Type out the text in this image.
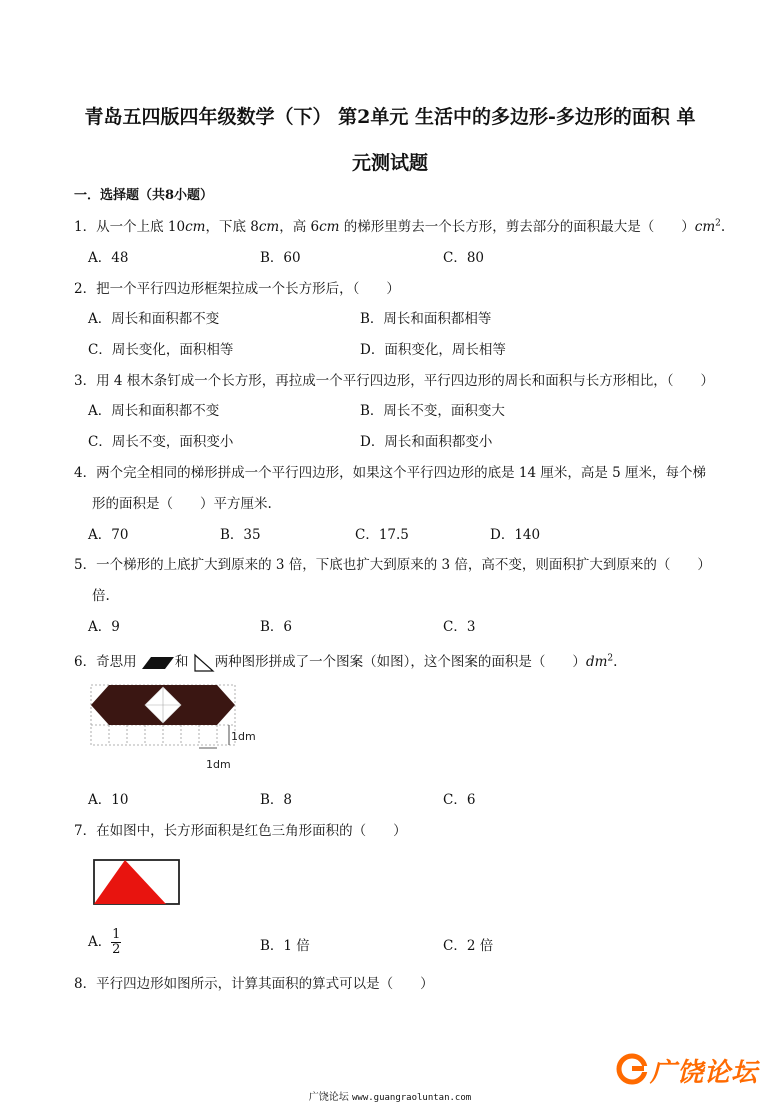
青岛五四版四年级数学（下） 第2单元 生活中的多边形-多边形的面积 单
元测试题
一．选择题（共8小题）
1．从一个上底 10cm，下底 8cm，高 6cm 的梯形里剪去一个长方形，剪去部分的面积最大是（　　）$cm^2$.
A．48	B．60	C．80
2．把一个平行四边形框架拉成一个长方形后，（　　）
A．周长和面积都不变	B．周长和面积都相等
C．周长变化，面积相等	D．面积变化，周长相等
3．用 4 根木条钉成一个长方形，再拉成一个平行四边形，平行四边形的周长和面积与长方形相比，（　　）
A．周长和面积都不变	B．周长不变，面积变大
C．周长不变，面积变小	D．周长和面积都变小
4．两个完全相同的梯形拼成一个平行四边形，如果这个平行四边形的底是 14 厘米，高是 5 厘米，每个梯
形的面积是（　　）平方厘米.
A．70	B．35	C．17.5	D．140
5．一个梯形的上底扩大到原来的 3 倍，下底也扩大到原来的 3 倍，高不变，则面积扩大到原来的（　　）
倍.
A．9	B．6	C．3
6．奇思用	和 两种图形拼成了一个图案（如图），这个图案的面积是（　　）$dm^2$.
1dm
1dm
A．10	B．8	C．6
7．在如图中，长方形面积是红色三角形面积的（　　）
A． $\frac{1}{2}$	B．1 倍	C．2 倍
8．平行四边形如图所示，计算其面积的算式可以是（　　）
广饶论坛
广饶论坛 www.guangraoluntan.com
